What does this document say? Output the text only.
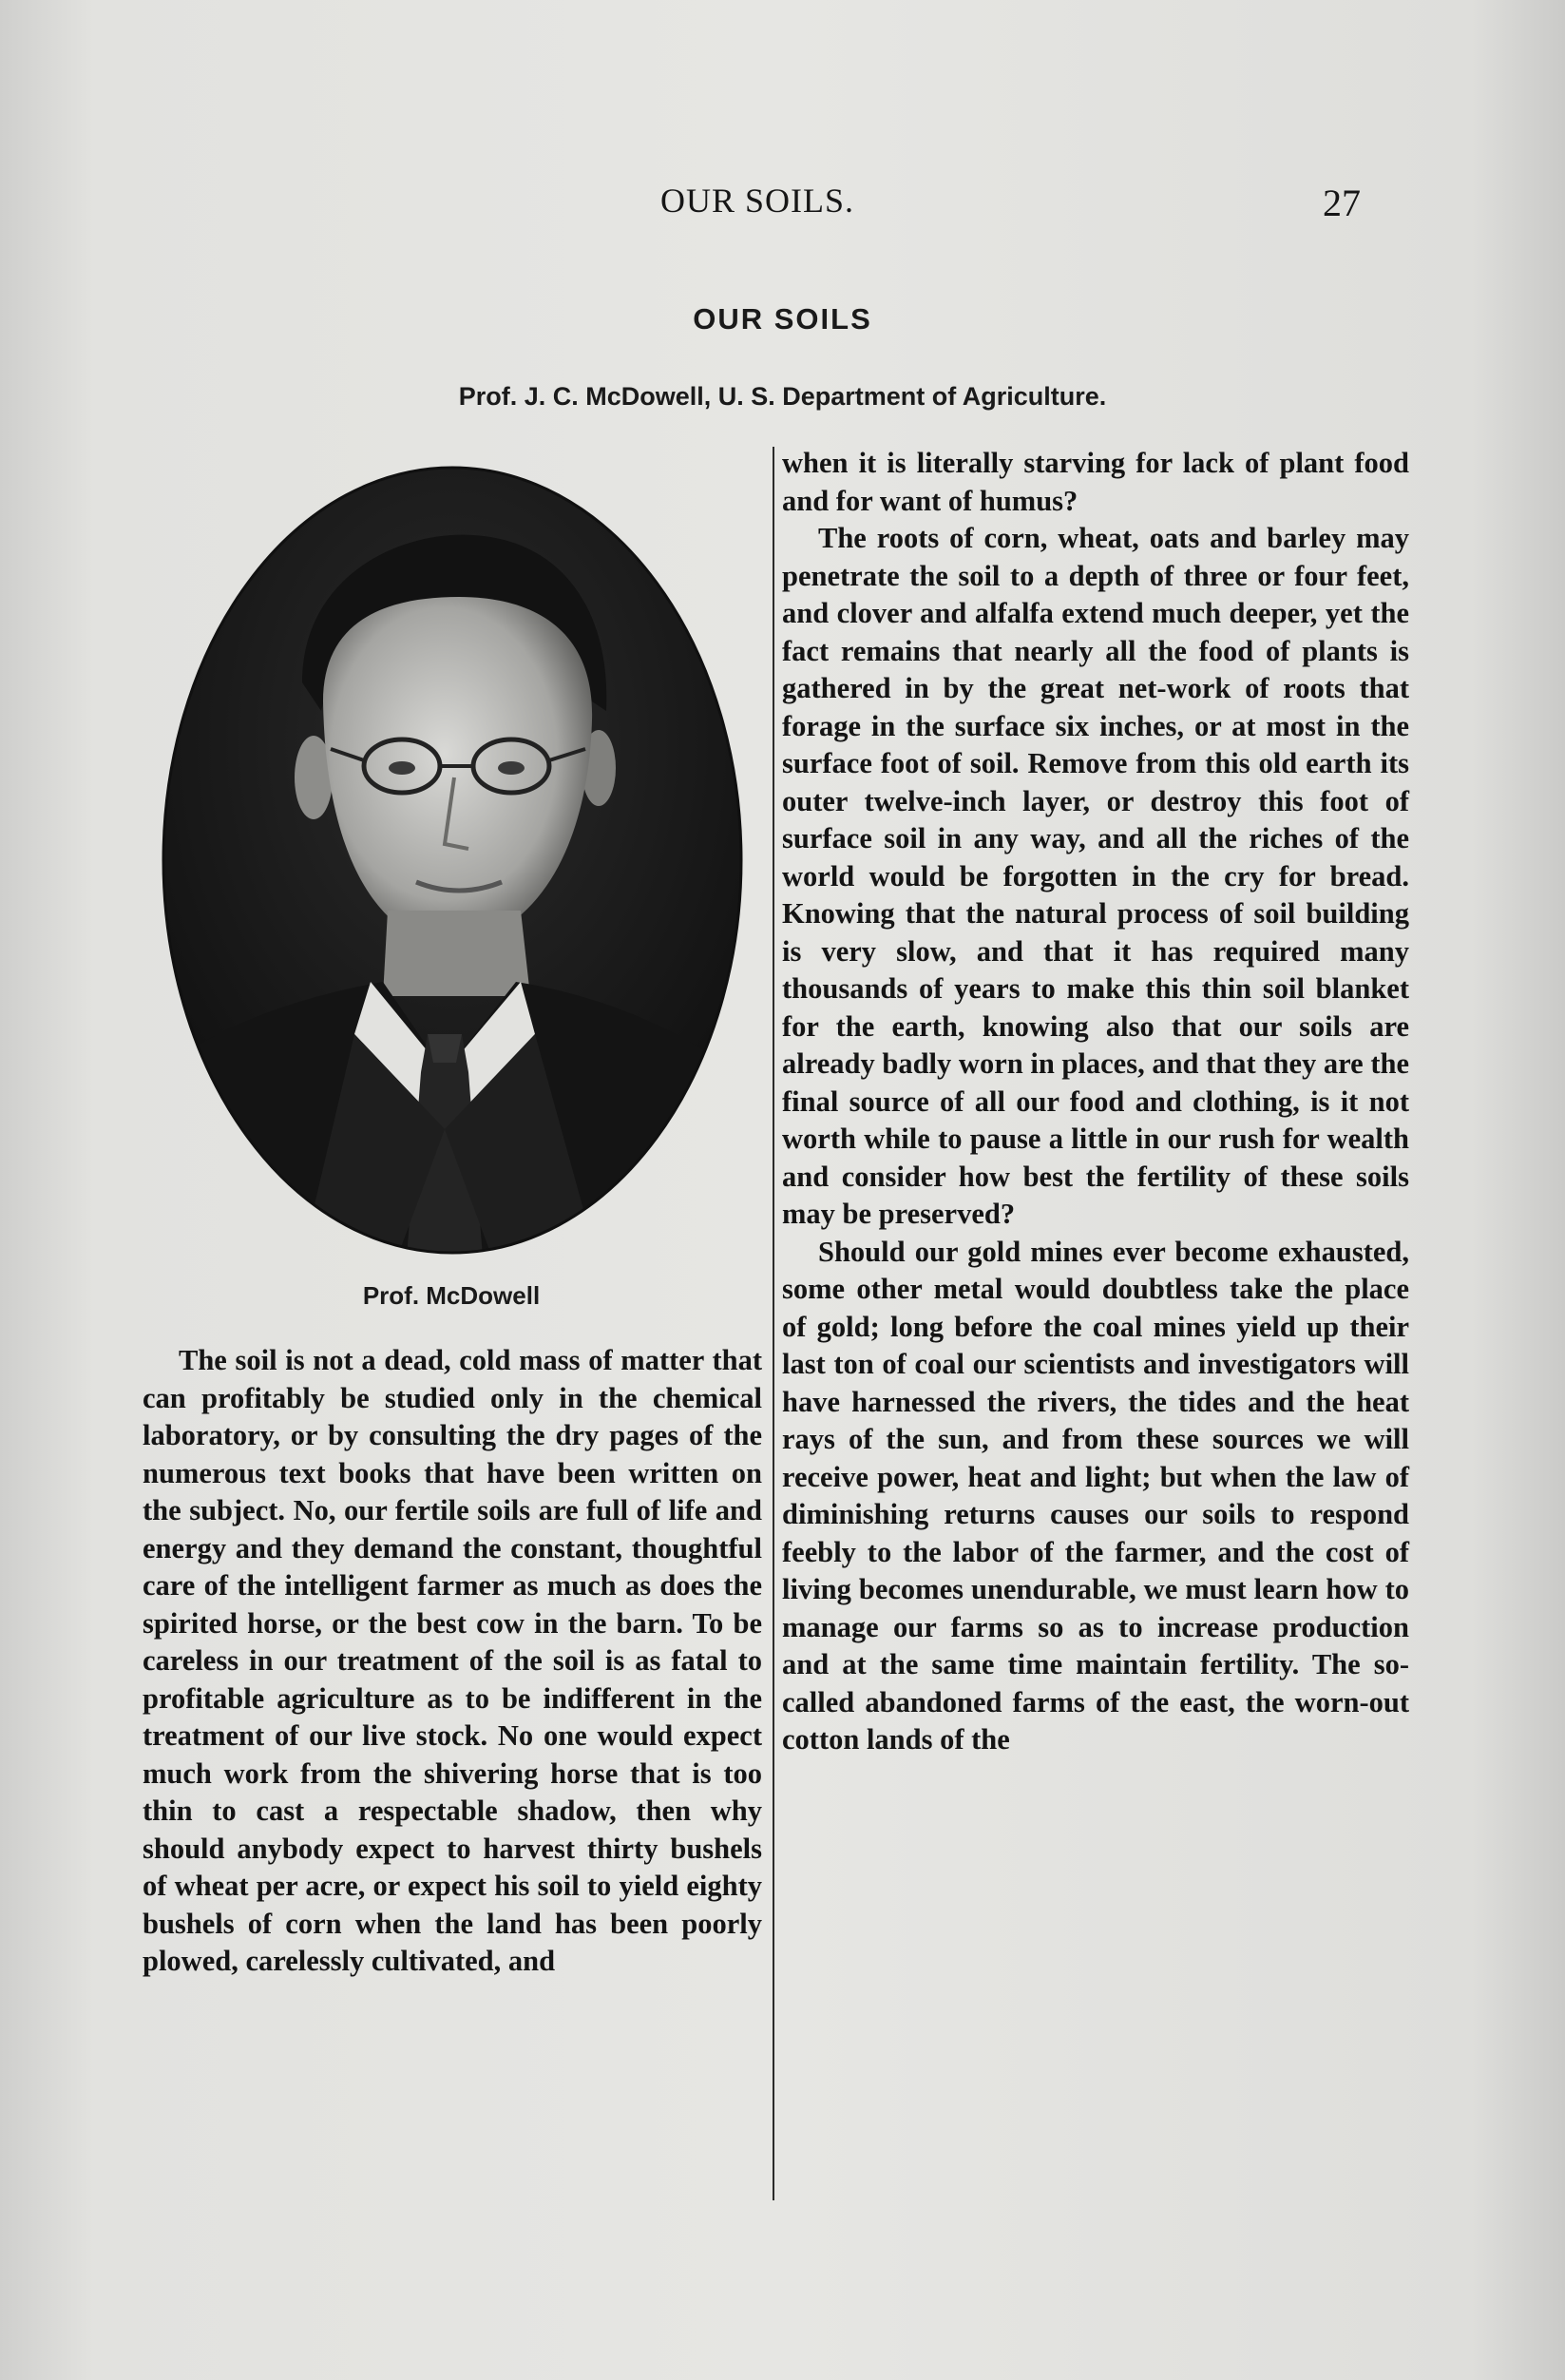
OUR SOILS.	27
OUR SOILS
Prof. J. C. McDowell, U. S. Department of Agriculture.
Prof. McDowell

The soil is not a dead, cold mass of matter that can profitably be studied only in the chemical laboratory, or by consulting the dry pages of the numerous text books that have been written on the subject. No, our fertile soils are full of life and energy and they demand the constant, thoughtful care of the intelligent farmer as much as does the spirited horse, or the best cow in the barn. To be careless in our treatment of the soil is as fatal to profitable agriculture as to be indifferent in the treatment of our live stock. No one would expect much work from the shivering horse that is too thin to cast a respectable shadow, then why should anybody expect to harvest thirty bushels of wheat per acre, or expect his soil to yield eighty bushels of corn when the land has been poorly plowed, carelessly cultivated, and

when it is literally starving for lack of plant food and for want of humus?

The roots of corn, wheat, oats and barley may penetrate the soil to a depth of three or four feet, and clover and alfalfa extend much deeper, yet the fact remains that nearly all the food of plants is gathered in by the great net-work of roots that forage in the surface six inches, or at most in the surface foot of soil. Remove from this old earth its outer twelve-inch layer, or destroy this foot of surface soil in any way, and all the riches of the world would be forgotten in the cry for bread. Knowing that the natural process of soil building is very slow, and that it has required many thousands of years to make this thin soil blanket for the earth, knowing also that our soils are already badly worn in places, and that they are the final source of all our food and clothing, is it not worth while to pause a little in our rush for wealth and consider how best the fertility of these soils may be preserved?

Should our gold mines ever become exhausted, some other metal would doubtless take the place of gold; long before the coal mines yield up their last ton of coal our scientists and investigators will have harnessed the rivers, the tides and the heat rays of the sun, and from these sources we will receive power, heat and light; but when the law of diminishing returns causes our soils to respond feebly to the labor of the farmer, and the cost of living becomes unendurable, we must learn how to manage our farms so as to increase production and at the same time maintain fertility. The so-called abandoned farms of the east, the worn-out cotton lands of the
